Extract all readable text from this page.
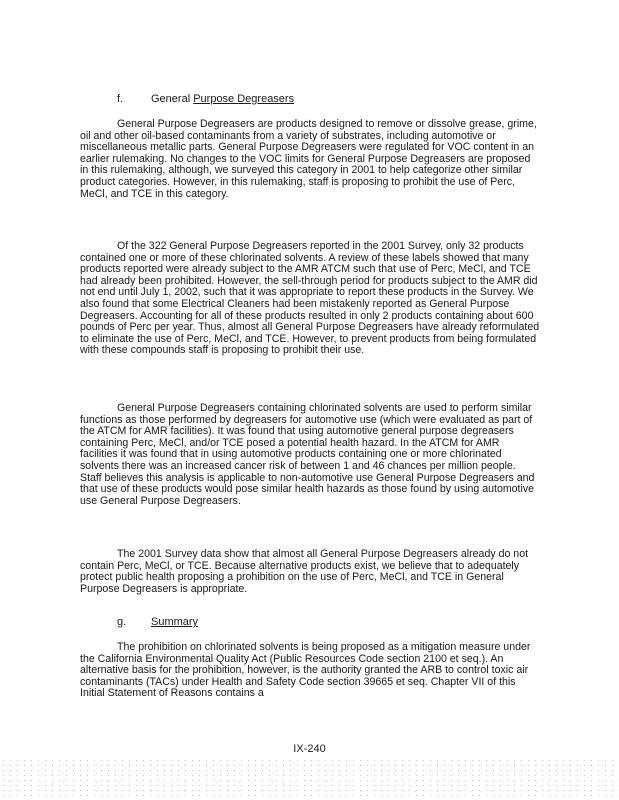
f.	General Purpose Degreasers

General Purpose Degreasers are products designed to remove or dissolve grease, grime, oil and other oil-based contaminants from a variety of substrates, including automotive or miscellaneous metallic parts. General Purpose Degreasers were regulated for VOC content in an earlier rulemaking. No changes to the VOC limits for General Purpose Degreasers are proposed in this rulemaking, although, we surveyed this category in 2001 to help categorize other similar product categories. However, in this rulemaking, staff is proposing to prohibit the use of Perc, MeCl, and TCE in this category.

Of the 322 General Purpose Degreasers reported in the 2001 Survey, only 32 products contained one or more of these chlorinated solvents. A review of these labels showed that many products reported were already subject to the AMR ATCM such that use of Perc, MeCl, and TCE had already been prohibited. However, the sell-through period for products subject to the AMR did not end until July 1, 2002, such that it was appropriate to report these products in the Survey. We also found that some Electrical Cleaners had been mistakenly reported as General Purpose Degreasers. Accounting for all of these products resulted in only 2 products containing about 600 pounds of Perc per year. Thus, almost all General Purpose Degreasers have already reformulated to eliminate the use of Perc, MeCl, and TCE. However, to prevent products from being formulated with these compounds staff is proposing to prohibit their use.

General Purpose Degreasers containing chlorinated solvents are used to perform similar functions as those performed by degreasers for automotive use (which were evaluated as part of the ATCM for AMR facilities). It was found that using automotive general purpose degreasers containing Perc, MeCl, and/or TCE posed a potential health hazard. In the ATCM for AMR facilities it was found that in using automotive products containing one or more chlorinated solvents there was an increased cancer risk of between 1 and 46 chances per million people. Staff believes this analysis is applicable to non-automotive use General Purpose Degreasers and that use of these products would pose similar health hazards as those found by using automotive use General Purpose Degreasers.

The 2001 Survey data show that almost all General Purpose Degreasers already do not contain Perc, MeCl, or TCE. Because alternative products exist, we believe that to adequately protect public health proposing a prohibition on the use of Perc, MeCl, and TCE in General Purpose Degreasers is appropriate.

g. Summary

The prohibition on chlorinated solvents is being proposed as a mitigation measure under the California Environmental Quality Act (Public Resources Code section 2100 et seq.). An alternative basis for the prohibition, however, is the authority granted the ARB to control toxic air contaminants (TACs) under Health and Safety Code section 39665 et seq. Chapter VII of this Initial Statement of Reasons contains a

IX-240
